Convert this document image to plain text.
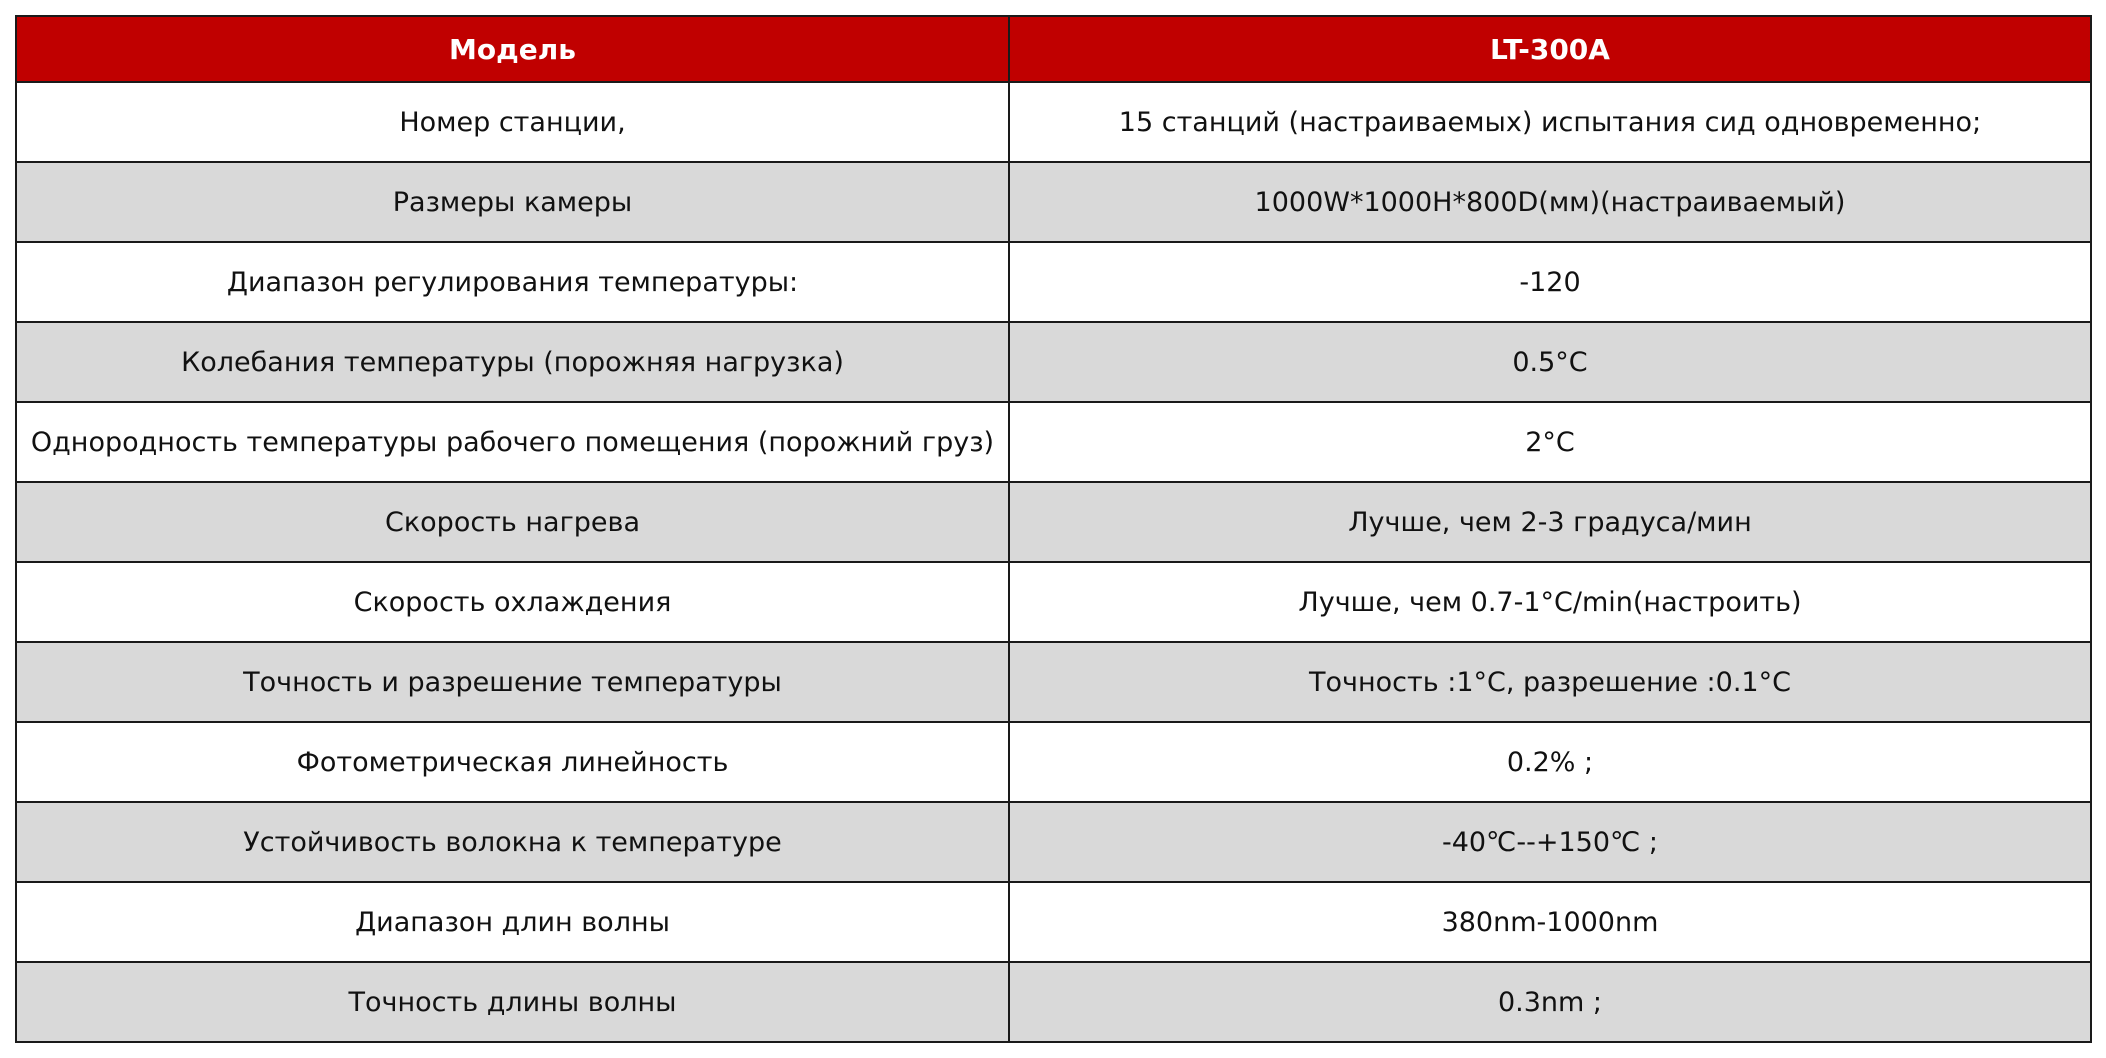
Модель	LT-300A
Номер станции,	15 станций (настраиваемых) испытания сид одновременно;
Размеры камеры	1000W*1000H*800D(мм)(настраиваемый)
Диапазон регулирования температуры:	-120
Колебания температуры (порожняя нагрузка)	0.5°C
Однородность температуры рабочего помещения (порожний груз)	2°C
Скорость нагрева	Лучше, чем 2-3 градуса/мин
Скорость охлаждения	Лучше, чем 0.7-1°C/min(настроить)
Точность и разрешение температуры	Точность :1°C, разрешение :0.1°C
Фотометрическая линейность	0.2% ;
Устойчивость волокна к температуре	-40℃--+150℃ ;
Диапазон длин волны	380nm-1000nm
Точность длины волны	0.3nm ;
